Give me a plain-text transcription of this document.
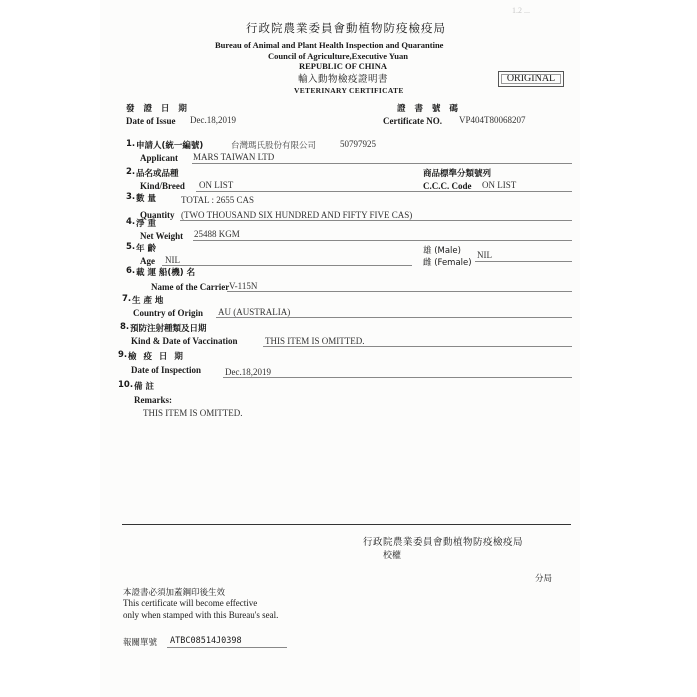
1.2 ...
行政院農業委員會動植物防疫檢疫局
Bureau of Animal and Plant Health Inspection and Quarantine
Council of Agriculture,Executive Yuan
REPUBLIC OF CHINA
輸入動物檢疫證明書
VETERINARY CERTIFICATE
ORIGINAL
發 證 日 期
Date of Issue Dec.18,2019
證 書 號 碼
Certificate NO. VP404T80068207
1. 申請人(統一編號)	台灣瑪氏股份有限公司	50797925
Applicant MARS TAIWAN LTD
2. 品名或品種	商品標準分類號列
Kind/Breed ON LIST	C.C.C. Code ON LIST
3. 數 量	TOTAL : 2655 CAS
Quantity (TWO THOUSAND SIX HUNDRED AND FIFTY FIVE CAS)
4. 淨 重
Net Weight 25488 KGM
5. 年 齡
Age NIL
雄 (Male)
雌 (Female)
NIL
6. 載 運 船(機) 名
Name of the Carrier V-115N
7. 生 產 地
Country of Origin AU (AUSTRALIA)
8. 預防注射種類及日期
Kind & Date of Vaccination	THIS ITEM IS OMITTED.
9. 檢 疫 日 期
Date of Inspection	Dec.18,2019
10. 備 註
Remarks:
THIS ITEM IS OMITTED.
行政院農業委員會動植物防疫檢疫局
校權
分局
本證書必須加蓋鋼印後生效
This certificate will become effective
only when stamped with this Bureau's seal.
報關單號 ATBC08514J0398
